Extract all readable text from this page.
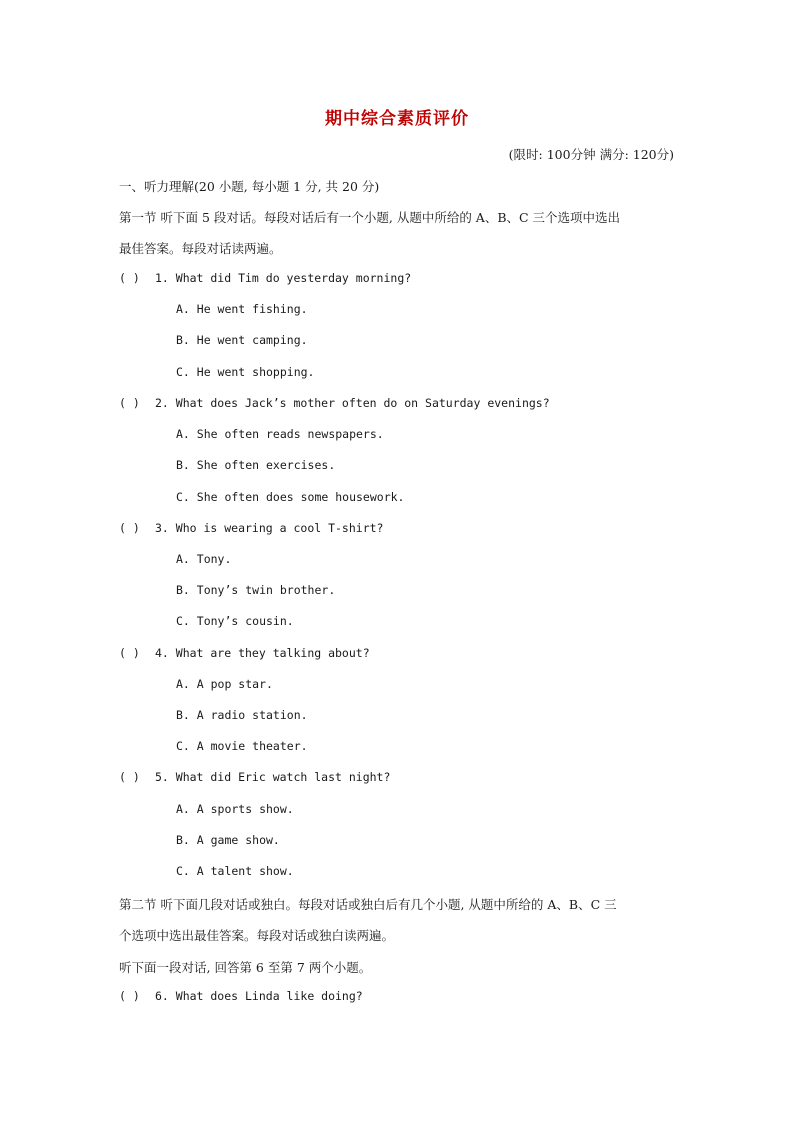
期中综合素质评价
(限时: 100分钟 满分: 120分)
一、听力理解(20 小题, 每小题 1 分, 共 20 分)
第一节 听下面 5 段对话。每段对话后有一个小题, 从题中所给的 A、B、C 三个选项中选出
最佳答案。每段对话读两遍。
( ) 1. What did Tim do yesterday morning?
A. He went fishing.
B. He went camping.
C. He went shopping.
( ) 2. What does Jack’s mother often do on Saturday evenings?
A. She often reads newspapers.
B. She often exercises.
C. She often does some housework.
( ) 3. Who is wearing a cool T-shirt?
A. Tony.
B. Tony’s twin brother.
C. Tony’s cousin.
( ) 4. What are they talking about?
A. A pop star.
B. A radio station.
C. A movie theater.
( ) 5. What did Eric watch last night?
A. A sports show.
B. A game show.
C. A talent show.
第二节 听下面几段对话或独白。每段对话或独白后有几个小题, 从题中所给的 A、B、C 三
个选项中选出最佳答案。每段对话或独白读两遍。
听下面一段对话, 回答第 6 至第 7 两个小题。
( ) 6. What does Linda like doing?
